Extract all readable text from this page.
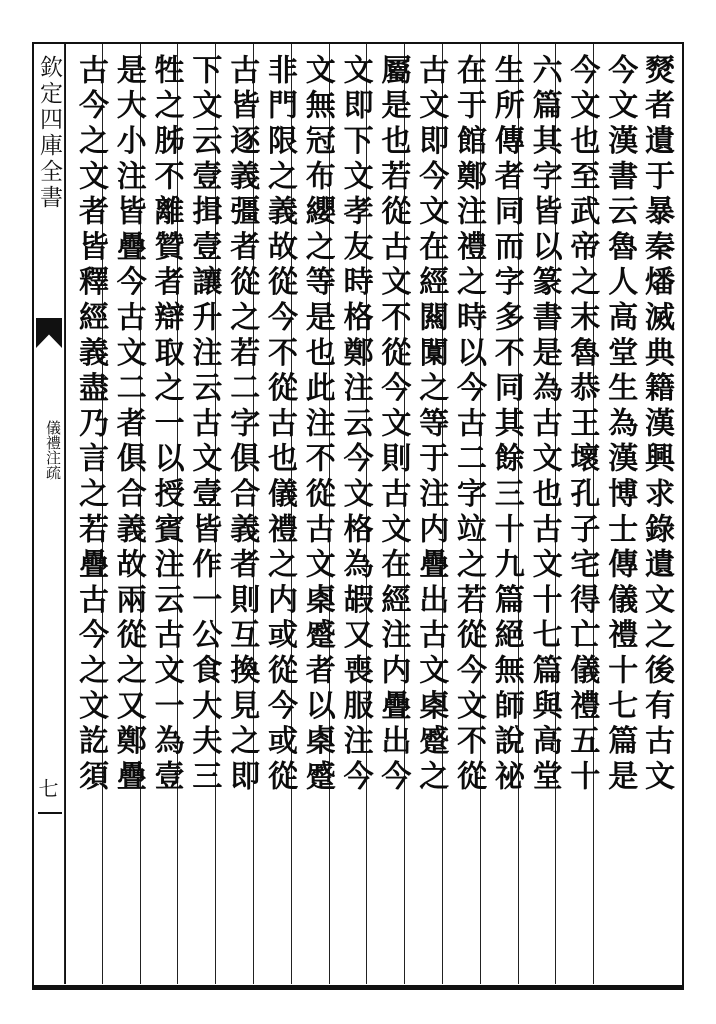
欽定四庫全書
儀禮注疏
七	燹者遺于暴秦燔滅典籍漢興求錄遺文之後有古文
今文漢書云魯人高堂生為漢博士傳儀禮十七篇是
今文也至武帝之末魯恭王壞孔子宅得亡儀禮五十
六篇其字皆以篆書是為古文也古文十七篇與高堂
生所傳者同而字多不同其餘三十九篇絕無師說祕
在于館鄭注禮之時以今古二字竝之若從今文不從
古文即今文在經闗闑之等于注内疊出古文㮚蹙之
屬是也若從古文不從今文則古文在經注内疊出今
文即下文孝友時格鄭注云今文格為嘏又喪服注今
文無冠布纓之等是也此注不從古文㮚蹙者以㮚蹙
非門限之義故從今不從古也儀禮之内或從今或從
古皆逐義彊者從之若二字俱合義者則互換見之即
下文云壹揖壹讓升注云古文壹皆作一公食大夫三
牲之胏不離贊者辯取之一以授賓注云古文一為壹
是大小注皆疊今古文二者俱合義故兩從之又鄭疊
古今之文者皆釋經義盡乃言之若疊古今之文訖須
